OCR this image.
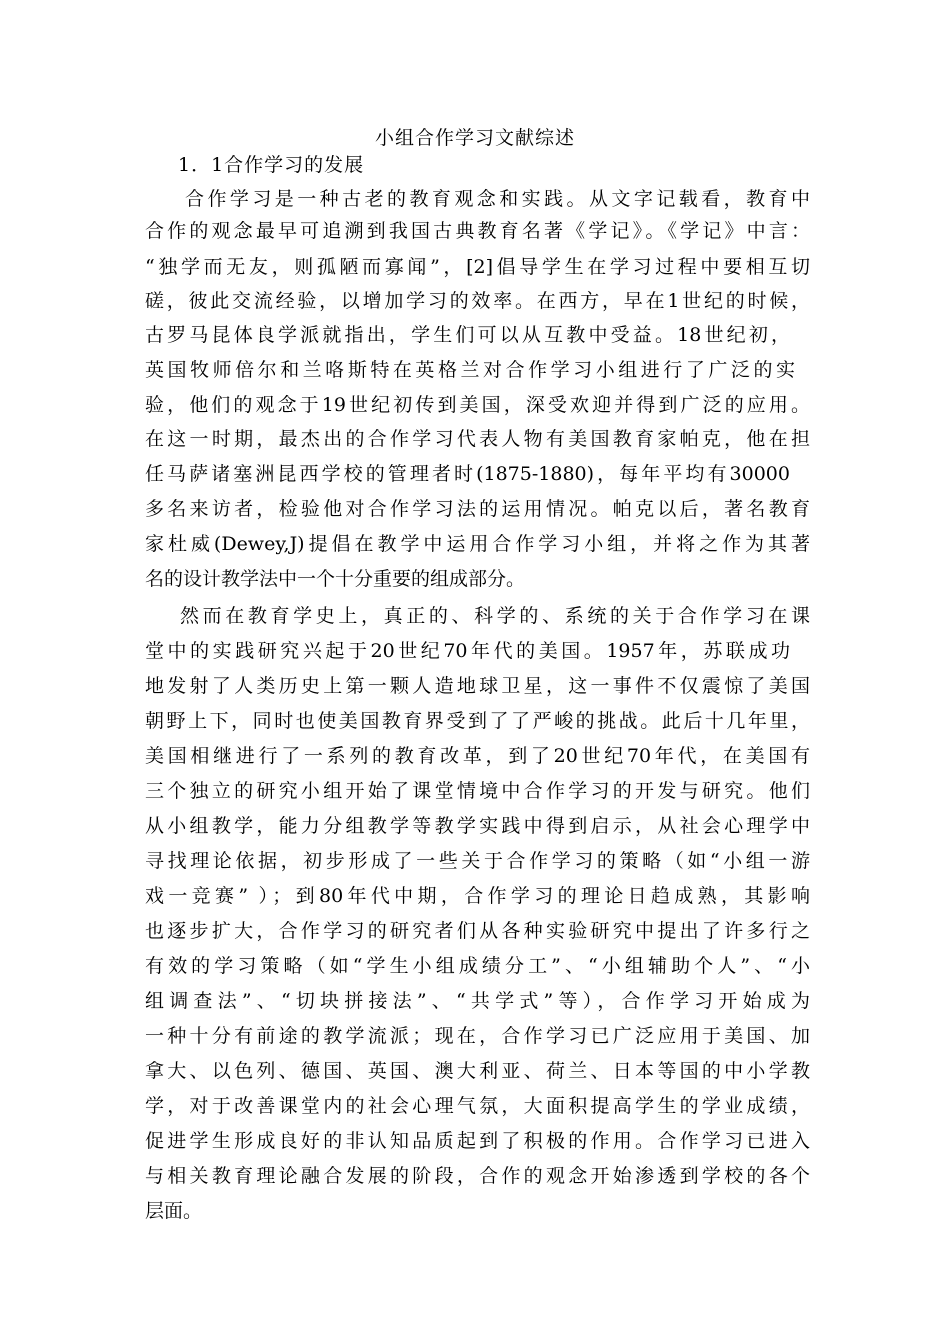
小组合作学习文献综述
1．1合作学习的发展
合作学习是一种古老的教育观念和实践。从文字记载看，教育中
合作的观念最早可追溯到我国古典教育名著《学记》。《学记》中言：
“独学而无友，则孤陋而寡闻”，[2]倡导学生在学习过程中要相互切
磋，彼此交流经验，以增加学习的效率。在西方，早在1世纪的时候，
古罗马昆体良学派就指出，学生们可以从互教中受益。18世纪初，
英国牧师倍尔和兰咯斯特在英格兰对合作学习小组进行了广泛的实
验，他们的观念于19世纪初传到美国，深受欢迎并得到广泛的应用。
在这一时期，最杰出的合作学习代表人物有美国教育家帕克，他在担
任马萨诸塞洲昆西学校的管理者时(1875-1880)，每年平均有30000
多名来访者，检验他对合作学习法的运用情况。帕克以后，著名教育
家杜威(Dewey,J)提倡在教学中运用合作学习小组，并将之作为其著
名的设计教学法中一个十分重要的组成部分。
然而在教育学史上，真正的、科学的、系统的关于合作学习在课
堂中的实践研究兴起于20世纪70年代的美国。1957年，苏联成功
地发射了人类历史上第一颗人造地球卫星，这一事件不仅震惊了美国
朝野上下，同时也使美国教育界受到了了严峻的挑战。此后十几年里，
美国相继进行了一系列的教育改革，到了20世纪70年代，在美国有
三个独立的研究小组开始了课堂情境中合作学习的开发与研究。他们
从小组教学，能力分组教学等教学实践中得到启示，从社会心理学中
寻找理论依据，初步形成了一些关于合作学习的策略（如“小组一游
戏一竞赛” ）；到80年代中期，合作学习的理论日趋成熟，其影响
也逐步扩大，合作学习的研究者们从各种实验研究中提出了许多行之
有效的学习策略（如“学生小组成绩分工”、“小组辅助个人”、“小
组调查法”、“切块拼接法”、“共学式”等），合作学习开始成为
一种十分有前途的教学流派；现在，合作学习已广泛应用于美国、加
拿大、以色列、德国、英国、澳大利亚、荷兰、日本等国的中小学教
学，对于改善课堂内的社会心理气氛，大面积提高学生的学业成绩，
促进学生形成良好的非认知品质起到了积极的作用。合作学习已进入
与相关教育理论融合发展的阶段，合作的观念开始渗透到学校的各个
层面。
